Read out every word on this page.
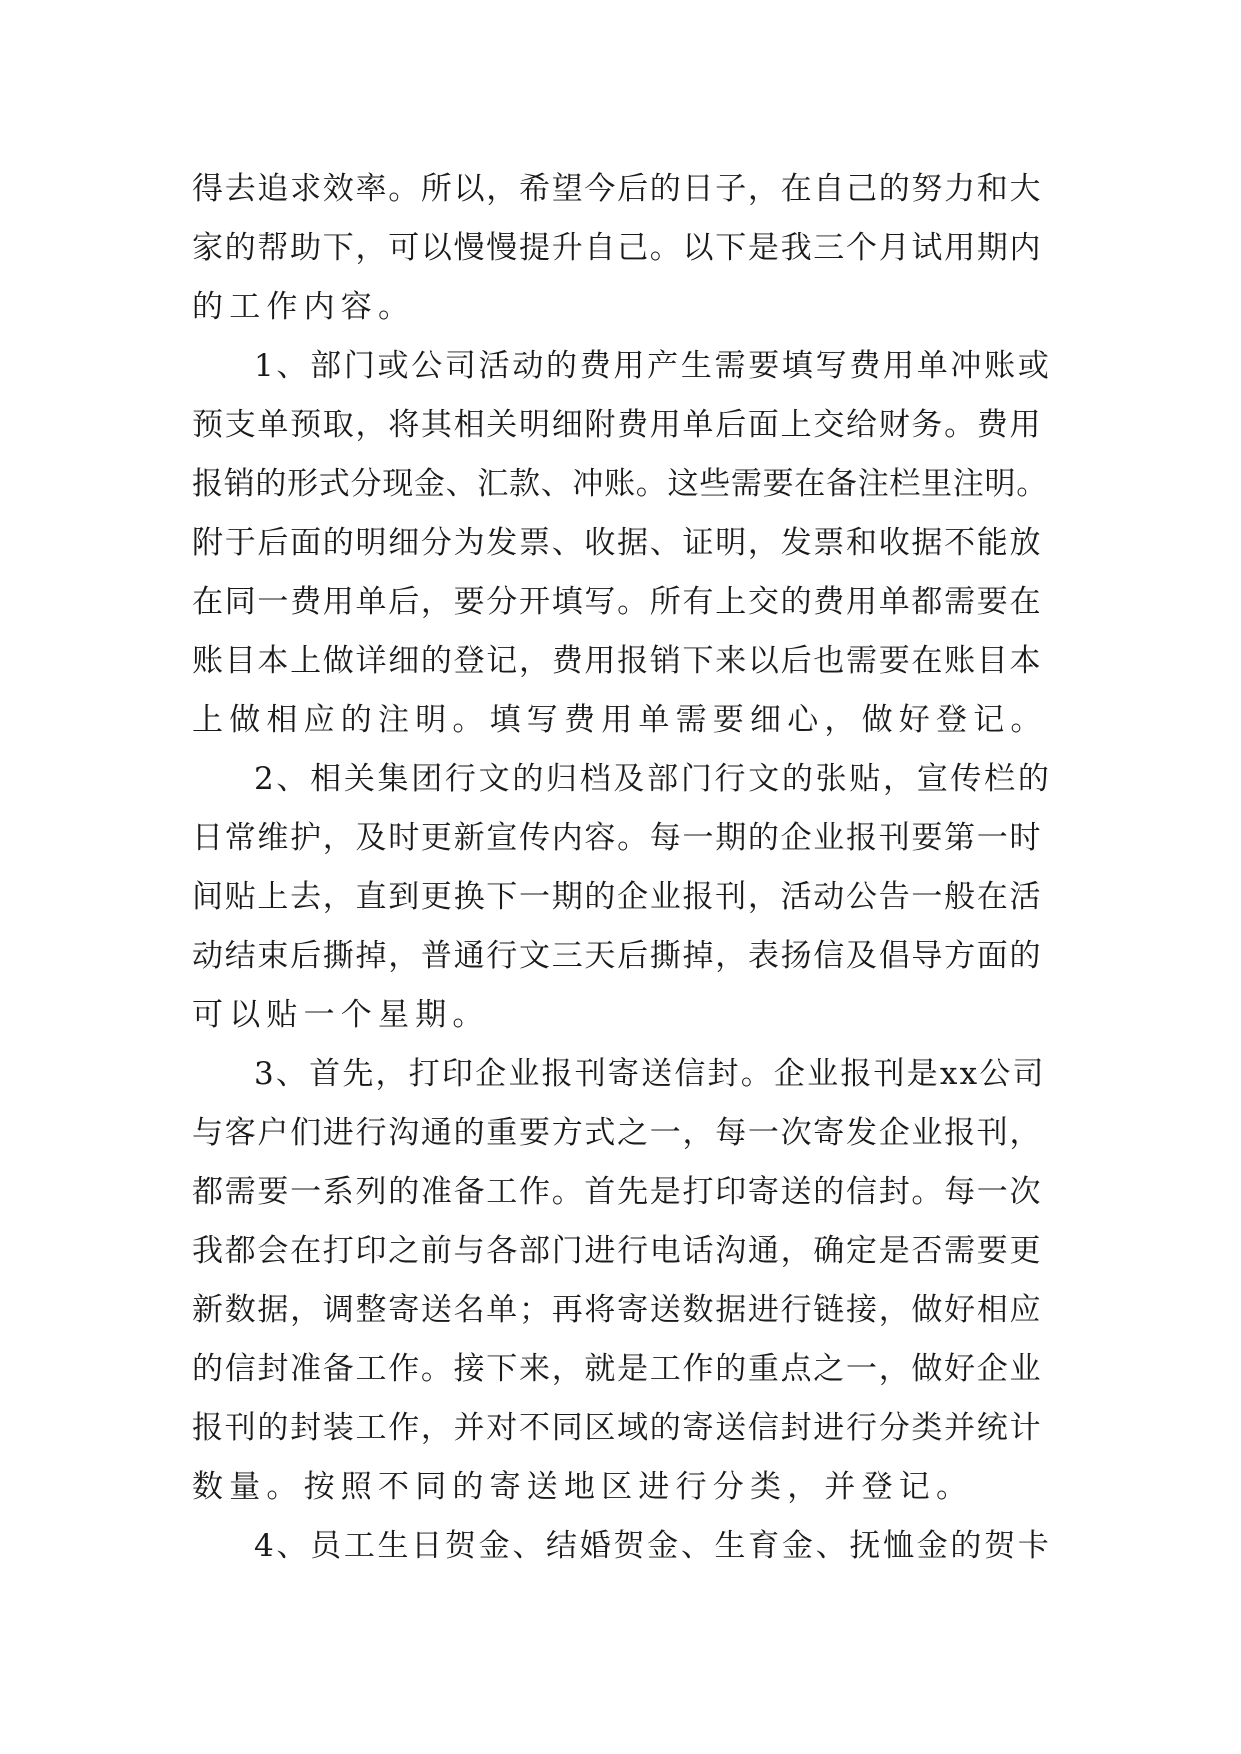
得去追求效率。所以，希望今后的日子，在自己的努力和大
家的帮助下，可以慢慢提升自己。以下是我三个月试用期内
的工作内容。
1、部门或公司活动的费用产生需要填写费用单冲账或
预支单预取，将其相关明细附费用单后面上交给财务。费用
报销的形式分现金、汇款、冲账。这些需要在备注栏里注明。
附于后面的明细分为发票、收据、证明，发票和收据不能放
在同一费用单后，要分开填写。所有上交的费用单都需要在
账目本上做详细的登记，费用报销下来以后也需要在账目本
上做相应的注明。填写费用单需要细心，做好登记。
2、相关集团行文的归档及部门行文的张贴，宣传栏的
日常维护，及时更新宣传内容。每一期的企业报刊要第一时
间贴上去，直到更换下一期的企业报刊，活动公告一般在活
动结束后撕掉，普通行文三天后撕掉，表扬信及倡导方面的
可以贴一个星期。
3、首先，打印企业报刊寄送信封。企业报刊是xx公司
与客户们进行沟通的重要方式之一，每一次寄发企业报刊，
都需要一系列的准备工作。首先是打印寄送的信封。每一次
我都会在打印之前与各部门进行电话沟通，确定是否需要更
新数据，调整寄送名单；再将寄送数据进行链接，做好相应
的信封准备工作。接下来，就是工作的重点之一，做好企业
报刊的封装工作，并对不同区域的寄送信封进行分类并统计
数量。按照不同的寄送地区进行分类，并登记。
4、员工生日贺金、结婚贺金、生育金、抚恤金的贺卡
